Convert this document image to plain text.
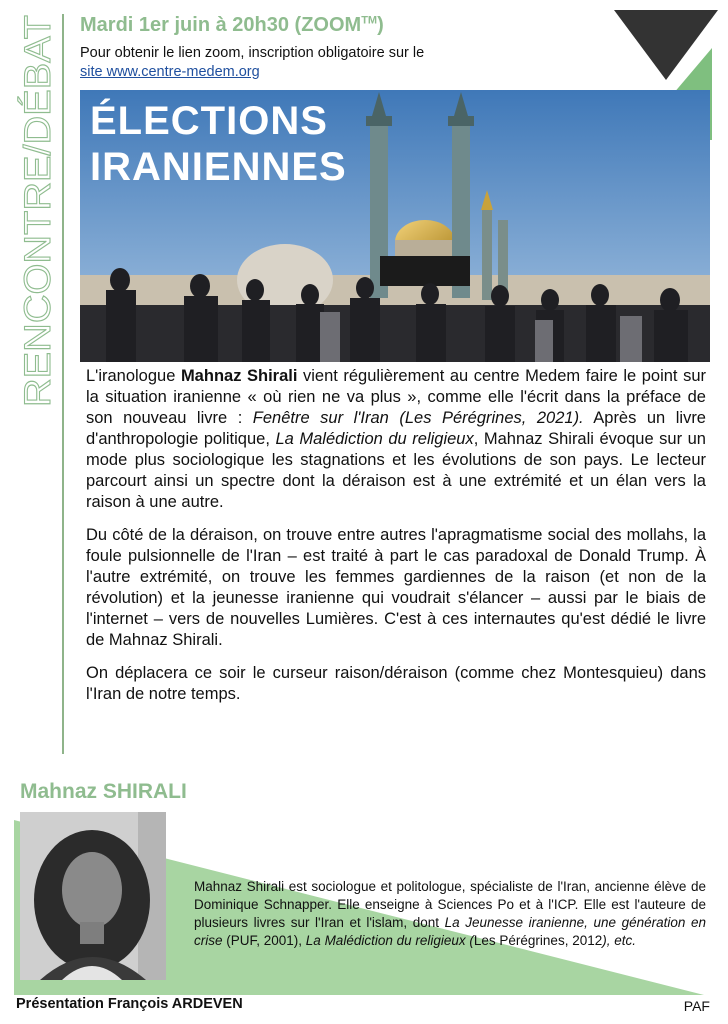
RENCONTRE/DÉBAT
Mardi 1er juin à 20h30 (ZOOM™)
Pour obtenir le lien zoom, inscription obligatoire sur le
site www.centre-medem.org
ÉLECTIONS
IRANIENNES

L'iranologue Mahnaz Shirali vient régulièrement au centre Medem faire le point sur la situation iranienne « où rien ne va plus », comme elle l'écrit dans la préface de son nouveau livre : Fenêtre sur l'Iran (Les Pérégrines, 2021). Après un livre d'anthropologie politique, La Malédiction du religieux, Mahnaz Shirali évoque sur un mode plus sociologique les stagnations et les évolutions de son pays. Le lecteur parcourt ainsi un spectre dont la déraison est à une extrémité et un élan vers la raison à une autre.

Du côté de la déraison, on trouve entre autres l'apragmatisme social des mollahs, la foule pulsionnelle de l'Iran – est traité à part le cas paradoxal de Donald Trump. À l'autre extrémité, on trouve les femmes gardiennes de la raison (et non de la révolution) et la jeunesse iranienne qui voudrait s'élancer – aussi par le biais de l'internet – vers de nouvelles Lumières. C'est à ces internautes qu'est dédié le livre de Mahnaz Shirali.

On déplacera ce soir le curseur raison/déraison (comme chez Montesquieu) dans l'Iran de notre temps.

Mahnaz SHIRALI
Mahnaz Shirali est sociologue et politologue, spécialiste de l'Iran, ancienne élève de Dominique Schnapper. Elle enseigne à Sciences Po et à l'ICP. Elle est l'auteure de plusieurs livres sur l'Iran et l'islam, dont La Jeunesse iranienne, une génération en crise (PUF, 2001), La Malédiction du religieux (Les Pérégrines, 2012), etc.
Présentation François ARDEVEN	PAF
